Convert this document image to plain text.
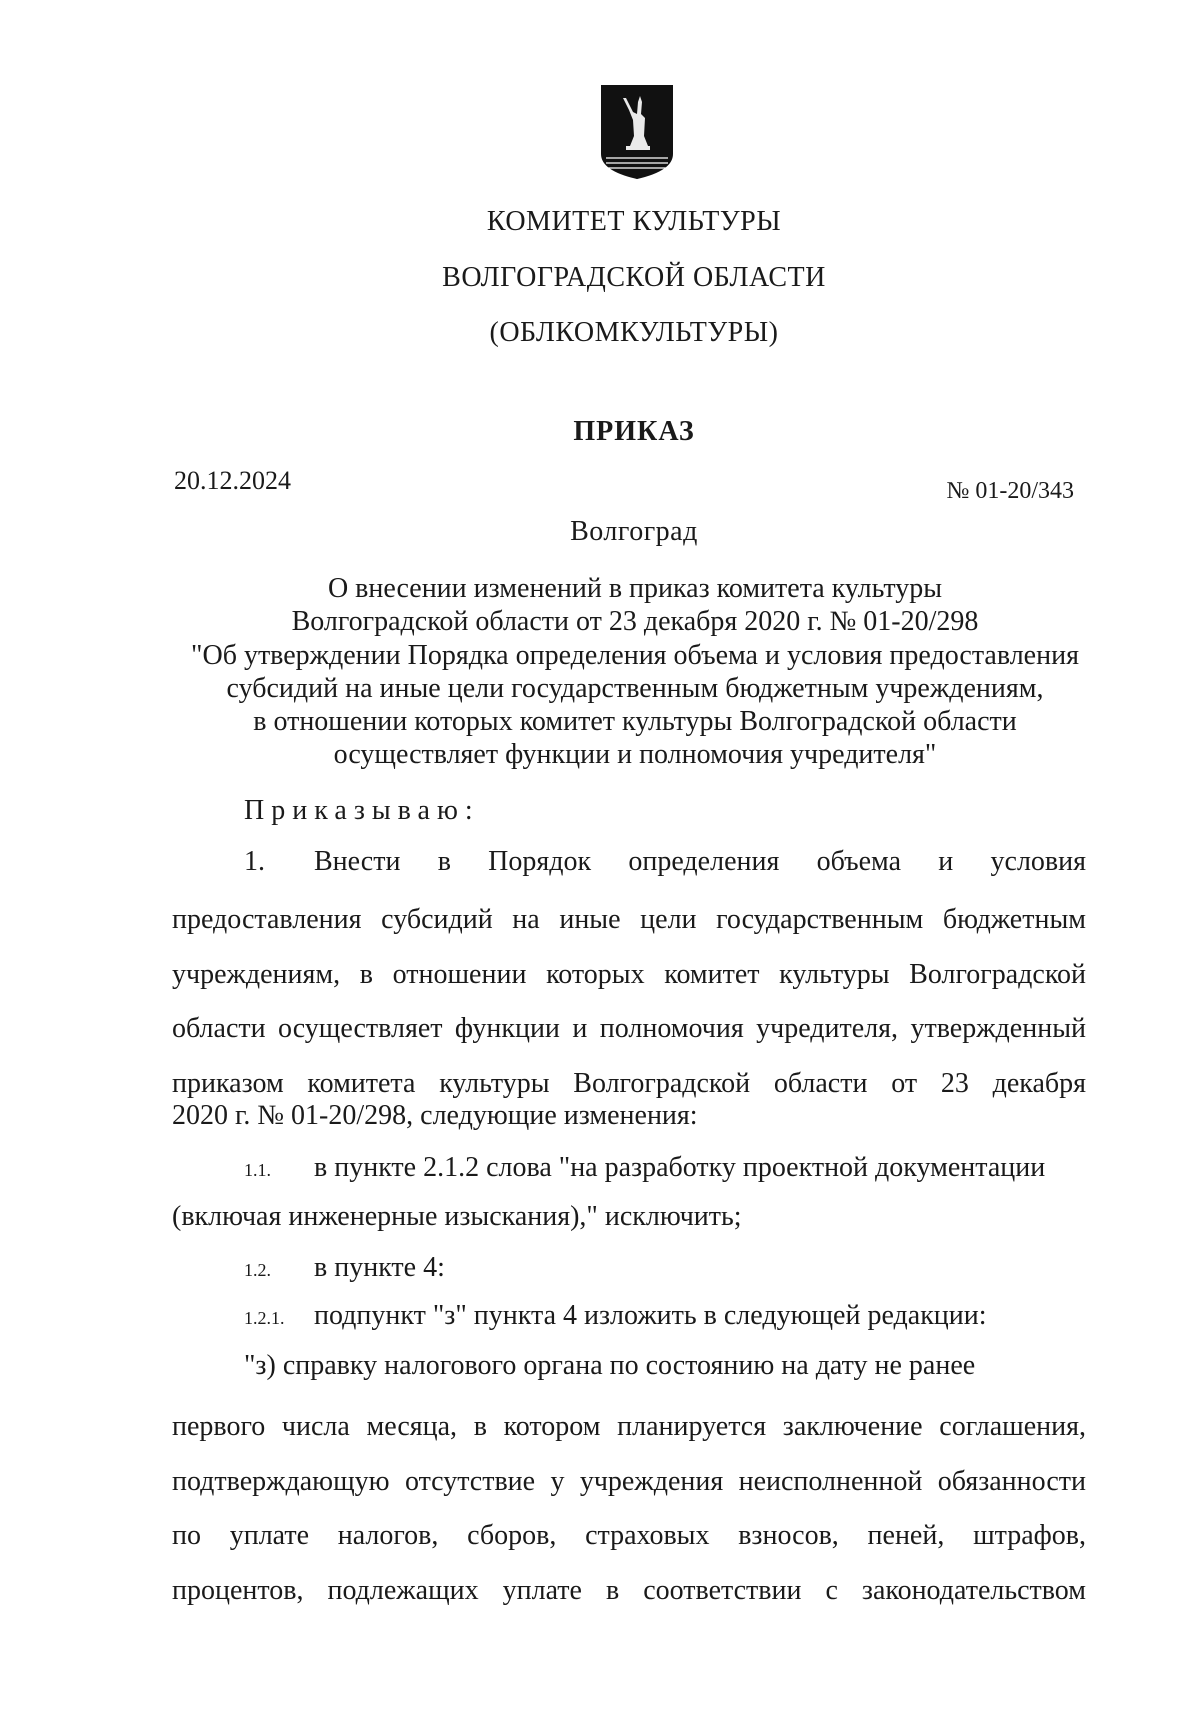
КОМИТЕТ КУЛЬТУРЫ
ВОЛГОГРАДСКОЙ ОБЛАСТИ
(ОБЛКОМКУЛЬТУРЫ)
ПРИКАЗ
20.12.2024	№ 01-20/343
Волгоград
О внесении изменений в приказ комитета культуры
Волгоградской области от 23 декабря 2020 г. № 01-20/298
"Об утверждении Порядка определения объема и условия предоставления
субсидий на иные цели государственным бюджетным учреждениям,
в отношении которых комитет культуры Волгоградской области
осуществляет функции и полномочия учредителя"
Приказываю:
1. Внести в Порядок определения объема и условия
предоставления субсидий на иные цели государственным бюджетным
учреждениям, в отношении которых комитет культуры Волгоградской
области осуществляет функции и полномочия учредителя, утвержденный
приказом комитета культуры Волгоградской области от 23 декабря
2020 г. № 01-20/298, следующие изменения:
1.1.	в пункте 2.1.2 слова "на разработку проектной документации
(включая инженерные изыскания)," исключить;
1.2.	в пункте 4:
1.2.1.	подпункт "з" пункта 4 изложить в следующей редакции:
"з) справку налогового органа по состоянию на дату не ранее
первого числа месяца, в котором планируется заключение соглашения,
подтверждающую отсутствие у учреждения неисполненной обязанности
по уплате налогов, сборов, страховых взносов, пеней, штрафов,
процентов, подлежащих уплате в соответствии с законодательством
